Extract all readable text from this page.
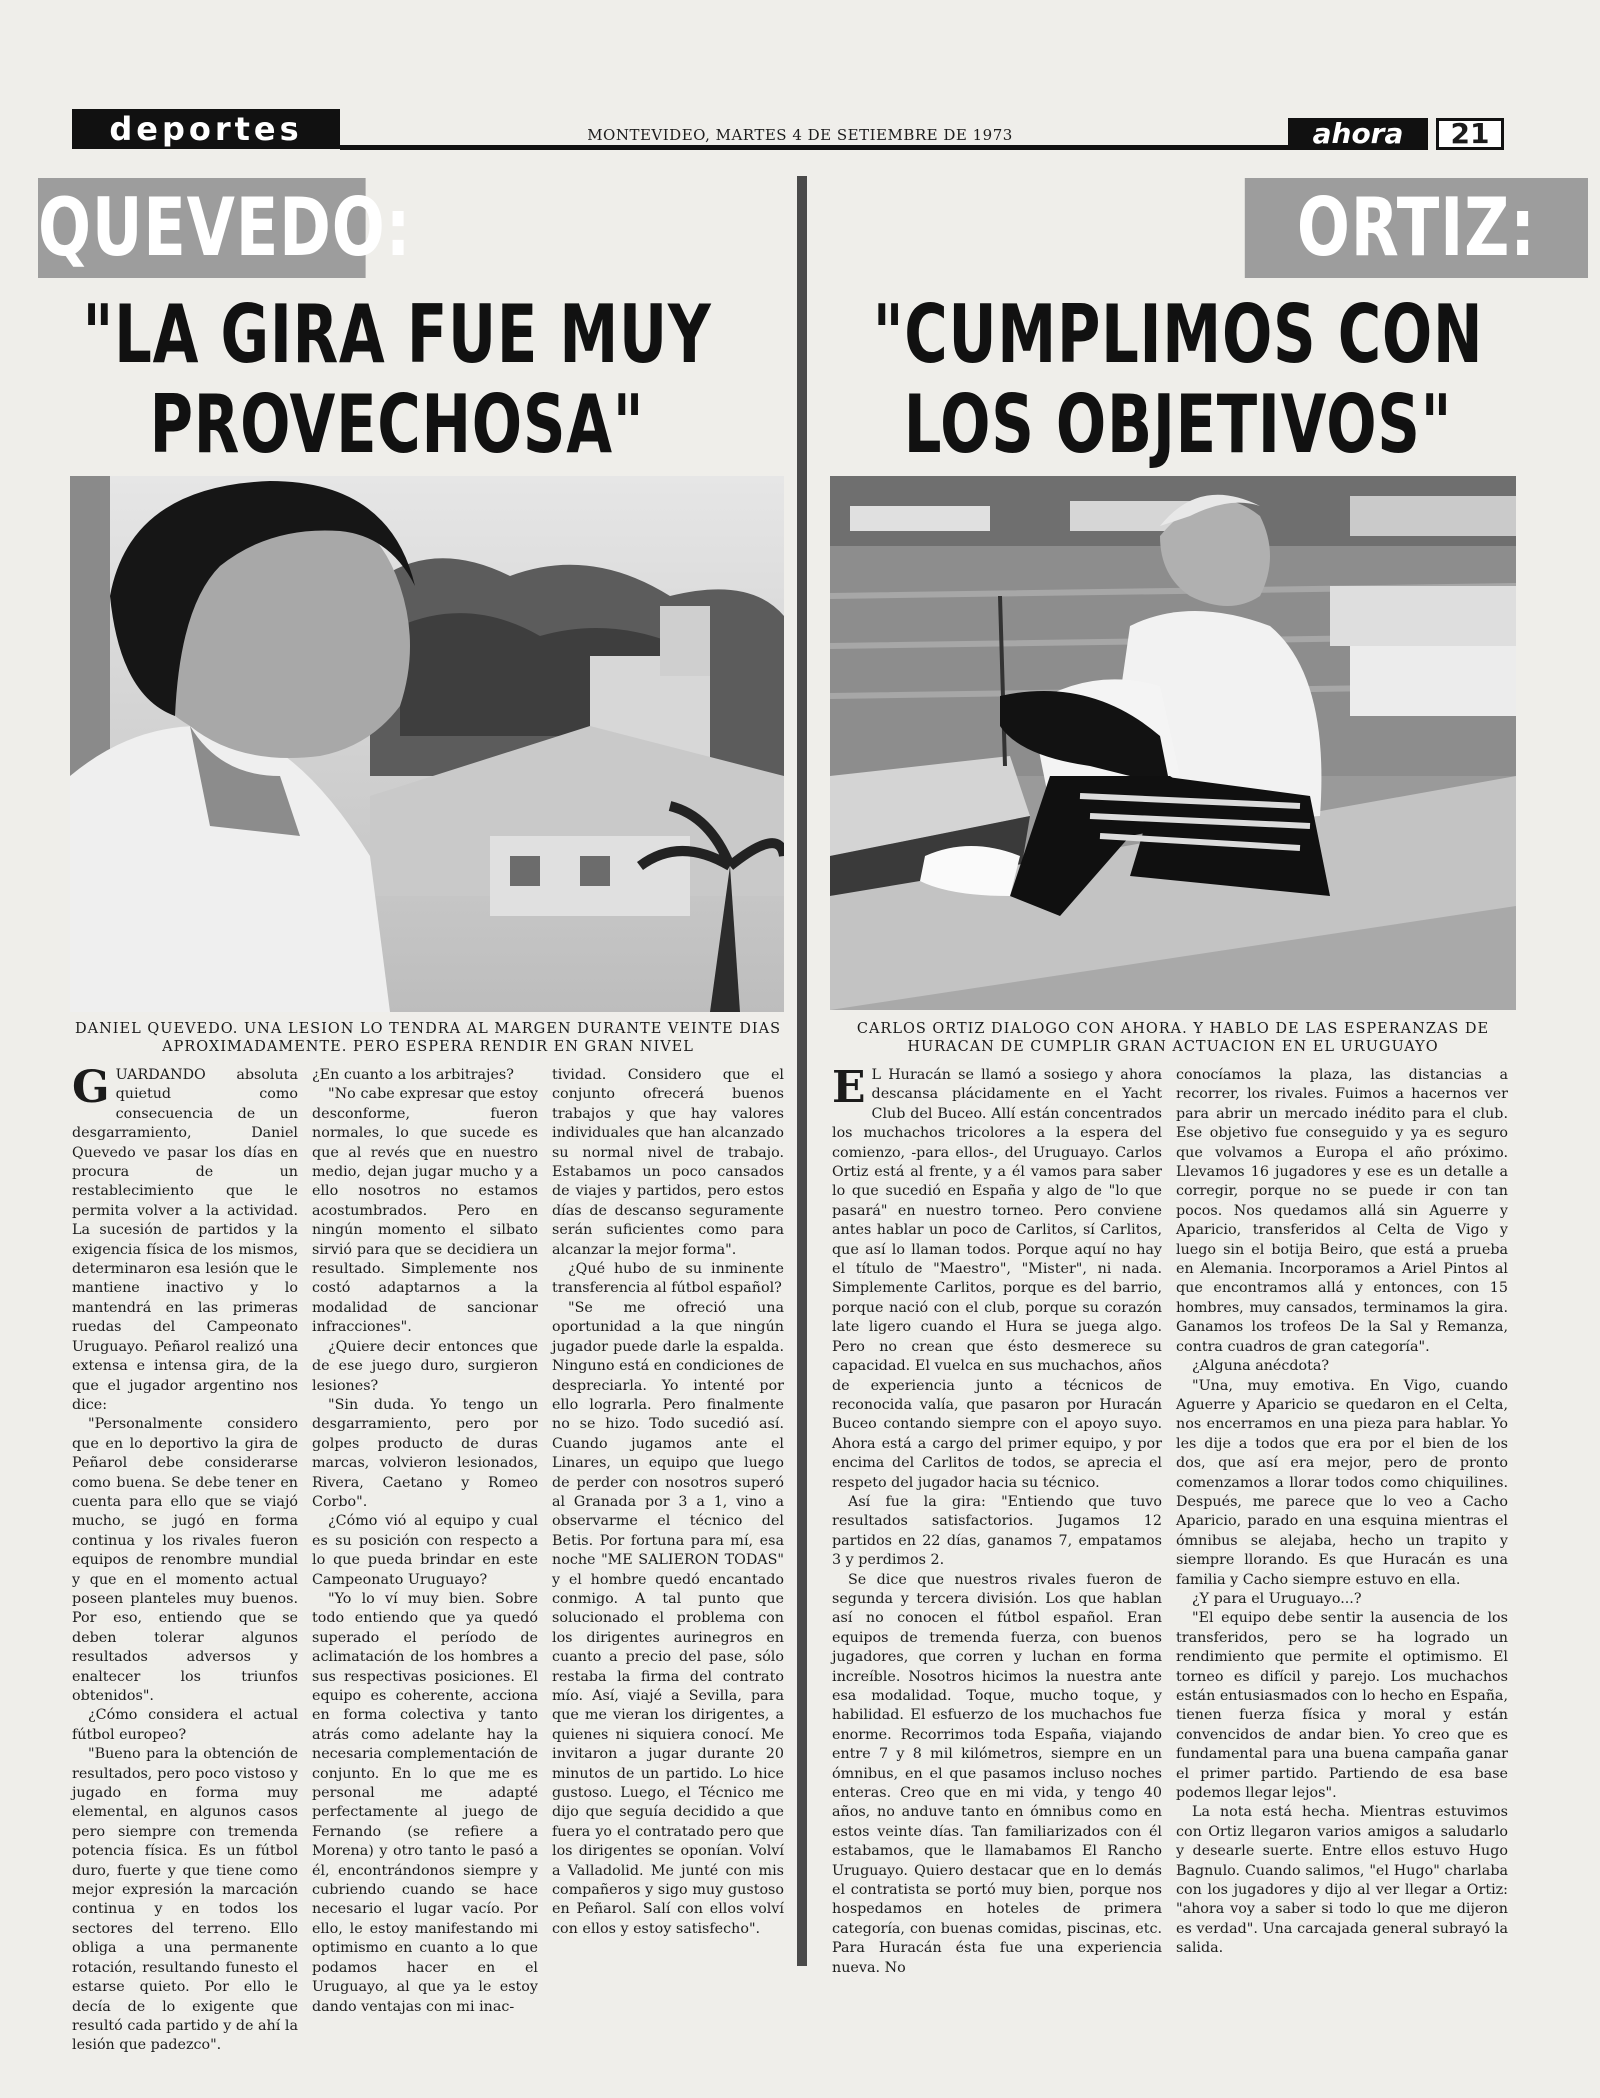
deportes	MONTEVIDEO, MARTES 4 DE SETIEMBRE DE 1973	ahora	21
QUEVEDO:
"LA GIRA FUE MUY
PROVECHOSA"
DANIEL QUEVEDO. UNA LESION LO TENDRA AL MARGEN DURANTE VEINTE DIAS APROXIMADAMENTE. PERO ESPERA RENDIR EN GRAN NIVEL

GUARDANDO absoluta quietud como consecuencia de un desgarramiento, Daniel Quevedo ve pasar los días en procura de un restablecimiento que le permita volver a la actividad. La sucesión de partidos y la exigencia física de los mismos, determinaron esa lesión que le mantiene inactivo y lo mantendrá en las primeras ruedas del Campeonato Uruguayo. Peñarol realizó una extensa e intensa gira, de la que el jugador argentino nos dice:

"Personalmente considero que en lo deportivo la gira de Peñarol debe considerarse como buena. Se debe tener en cuenta para ello que se viajó mucho, se jugó en forma continua y los rivales fueron equipos de renombre mundial y que en el momento actual poseen planteles muy buenos. Por eso, entiendo que se deben tolerar algunos resultados adversos y enaltecer los triunfos obtenidos".

¿Cómo considera el actual fútbol europeo?

"Bueno para la obtención de resultados, pero poco vistoso y jugado en forma muy elemental, en algunos casos pero siempre con tremenda potencia física. Es un fútbol duro, fuerte y que tiene como mejor expresión la marcación continua y en todos los sectores del terreno. Ello obliga a una permanente rotación, resultando funesto el estarse quieto. Por ello le decía de lo exigente que resultó cada partido y de ahí la lesión que padezco".

¿En cuanto a los arbitrajes?

"No cabe expresar que estoy desconforme, fueron normales, lo que sucede es que al revés que en nuestro medio, dejan jugar mucho y a ello nosotros no estamos acostumbrados. Pero en ningún momento el silbato sirvió para que se decidiera un resultado. Simplemente nos costó adaptarnos a la modalidad de sancionar infracciones".

¿Quiere decir entonces que de ese juego duro, surgieron lesiones?

"Sin duda. Yo tengo un desgarramiento, pero por golpes producto de duras marcas, volvieron lesionados, Rivera, Caetano y Romeo Corbo".

¿Cómo vió al equipo y cual es su posición con respecto a lo que pueda brindar en este Campeonato Uruguayo?

"Yo lo ví muy bien. Sobre todo entiendo que ya quedó superado el período de aclimatación de los hombres a sus respectivas posiciones. El equipo es coherente, acciona en forma colectiva y tanto atrás como adelante hay la necesaria complementación de conjunto. En lo que me es personal me adapté perfectamente al juego de Fernando (se refiere a Morena) y otro tanto le pasó a él, encontrándonos siempre y cubriendo cuando se hace necesario el lugar vacío. Por ello, le estoy manifestando mi optimismo en cuanto a lo que podamos hacer en el Uruguayo, al que ya le estoy dando ventajas con mi inac-

tividad. Considero que el conjunto ofrecerá buenos trabajos y que hay valores individuales que han alcanzado su normal nivel de trabajo. Estabamos un poco cansados de viajes y partidos, pero estos días de descanso seguramente serán suficientes como para alcanzar la mejor forma".

¿Qué hubo de su inminente transferencia al fútbol español?

"Se me ofreció una oportunidad a la que ningún jugador puede darle la espalda. Ninguno está en condiciones de despreciarla. Yo intenté por ello lograrla. Pero finalmente no se hizo. Todo sucedió así. Cuando jugamos ante el Linares, un equipo que luego de perder con nosotros superó al Granada por 3 a 1, vino a observarme el técnico del Betis. Por fortuna para mí, esa noche "ME SALIERON TODAS" y el hombre quedó encantado conmigo. A tal punto que solucionado el problema con los dirigentes aurinegros en cuanto a precio del pase, sólo restaba la firma del contrato mío. Así, viajé a Sevilla, para que me vieran los dirigentes, a quienes ni siquiera conocí. Me invitaron a jugar durante 20 minutos de un partido. Lo hice gustoso. Luego, el Técnico me dijo que seguía decidido a que fuera yo el contratado pero que los dirigentes se oponían. Volví a Valladolid. Me junté con mis compañeros y sigo muy gustoso en Peñarol. Salí con ellos volví con ellos y estoy satisfecho".

ORTIZ:
"CUMPLIMOS CON
LOS OBJETIVOS"
CARLOS ORTIZ DIALOGO CON AHORA. Y HABLO DE LAS ESPERANZAS DE HURACAN DE CUMPLIR GRAN ACTUACION EN EL URUGUAYO

E L Huracán se llamó a sosiego y ahora descansa plácidamente en el Yacht Club del Buceo. Allí están concentrados los muchachos tricolores a la espera del comienzo, -para ellos-, del Uruguayo. Carlos Ortiz está al frente, y a él vamos para saber lo que sucedió en España y algo de "lo que pasará" en nuestro torneo. Pero conviene antes hablar un poco de Carlitos, sí Carlitos, que así lo llaman todos. Porque aquí no hay el título de "Maestro", "Mister", ni nada. Simplemente Carlitos, porque es del barrio, porque nació con el club, porque su corazón late ligero cuando el Hura se juega algo. Pero no crean que ésto desmerece su capacidad. El vuelca en sus muchachos, años de experiencia junto a técnicos de reconocida valía, que pasaron por Huracán Buceo contando siempre con el apoyo suyo. Ahora está a cargo del primer equipo, y por encima del Carlitos de todos, se aprecia el respeto del jugador hacia su técnico.

Así fue la gira: "Entiendo que tuvo resultados satisfactorios. Jugamos 12 partidos en 22 días, ganamos 7, empatamos 3 y perdimos 2.

Se dice que nuestros rivales fueron de segunda y tercera división. Los que hablan así no conocen el fútbol español. Eran equipos de tremenda fuerza, con buenos jugadores, que corren y luchan en forma increíble. Nosotros hicimos la nuestra ante esa modalidad. Toque, mucho toque, y habilidad. El esfuerzo de los muchachos fue enorme. Recorrimos toda España, viajando entre 7 y 8 mil kilómetros, siempre en un ómnibus, en el que pasamos incluso noches enteras. Creo que en mi vida, y tengo 40 años, no anduve tanto en ómnibus como en estos veinte días. Tan familiarizados con él estabamos, que le llamabamos El Rancho Uruguayo. Quiero destacar que en lo demás el contratista se portó muy bien, porque nos hospedamos en hoteles de primera categoría, con buenas comidas, piscinas, etc. Para Huracán ésta fue una experiencia nueva. No

conocíamos la plaza, las distancias a recorrer, los rivales. Fuimos a hacernos ver para abrir un mercado inédito para el club. Ese objetivo fue conseguido y ya es seguro que volvamos a Europa el año próximo. Llevamos 16 jugadores y ese es un detalle a corregir, porque no se puede ir con tan pocos. Nos quedamos allá sin Aguerre y Aparicio, transferidos al Celta de Vigo y luego sin el botija Beiro, que está a prueba en Alemania. Incorporamos a Ariel Pintos al que encontramos allá y entonces, con 15 hombres, muy cansados, terminamos la gira. Ganamos los trofeos De la Sal y Remanza, contra cuadros de gran categoría".

¿Alguna anécdota?

"Una, muy emotiva. En Vigo, cuando Aguerre y Aparicio se quedaron en el Celta, nos encerramos en una pieza para hablar. Yo les dije a todos que era por el bien de los dos, que así era mejor, pero de pronto comenzamos a llorar todos como chiquilines. Después, me parece que lo veo a Cacho Aparicio, parado en una esquina mientras el ómnibus se alejaba, hecho un trapito y siempre llorando. Es que Huracán es una familia y Cacho siempre estuvo en ella.

¿Y para el Uruguayo...?

"El equipo debe sentir la ausencia de los transferidos, pero se ha logrado un rendimiento que permite el optimismo. El torneo es difícil y parejo. Los muchachos están entusiasmados con lo hecho en España, tienen fuerza física y moral y están convencidos de andar bien. Yo creo que es fundamental para una buena campaña ganar el primer partido. Partiendo de esa base podemos llegar lejos".

La nota está hecha. Mientras estuvimos con Ortiz llegaron varios amigos a saludarlo y desearle suerte. Entre ellos estuvo Hugo Bagnulo. Cuando salimos, "el Hugo" charlaba con los jugadores y dijo al ver llegar a Ortiz: "ahora voy a saber si todo lo que me dijeron es verdad". Una carcajada general subrayó la salida.
